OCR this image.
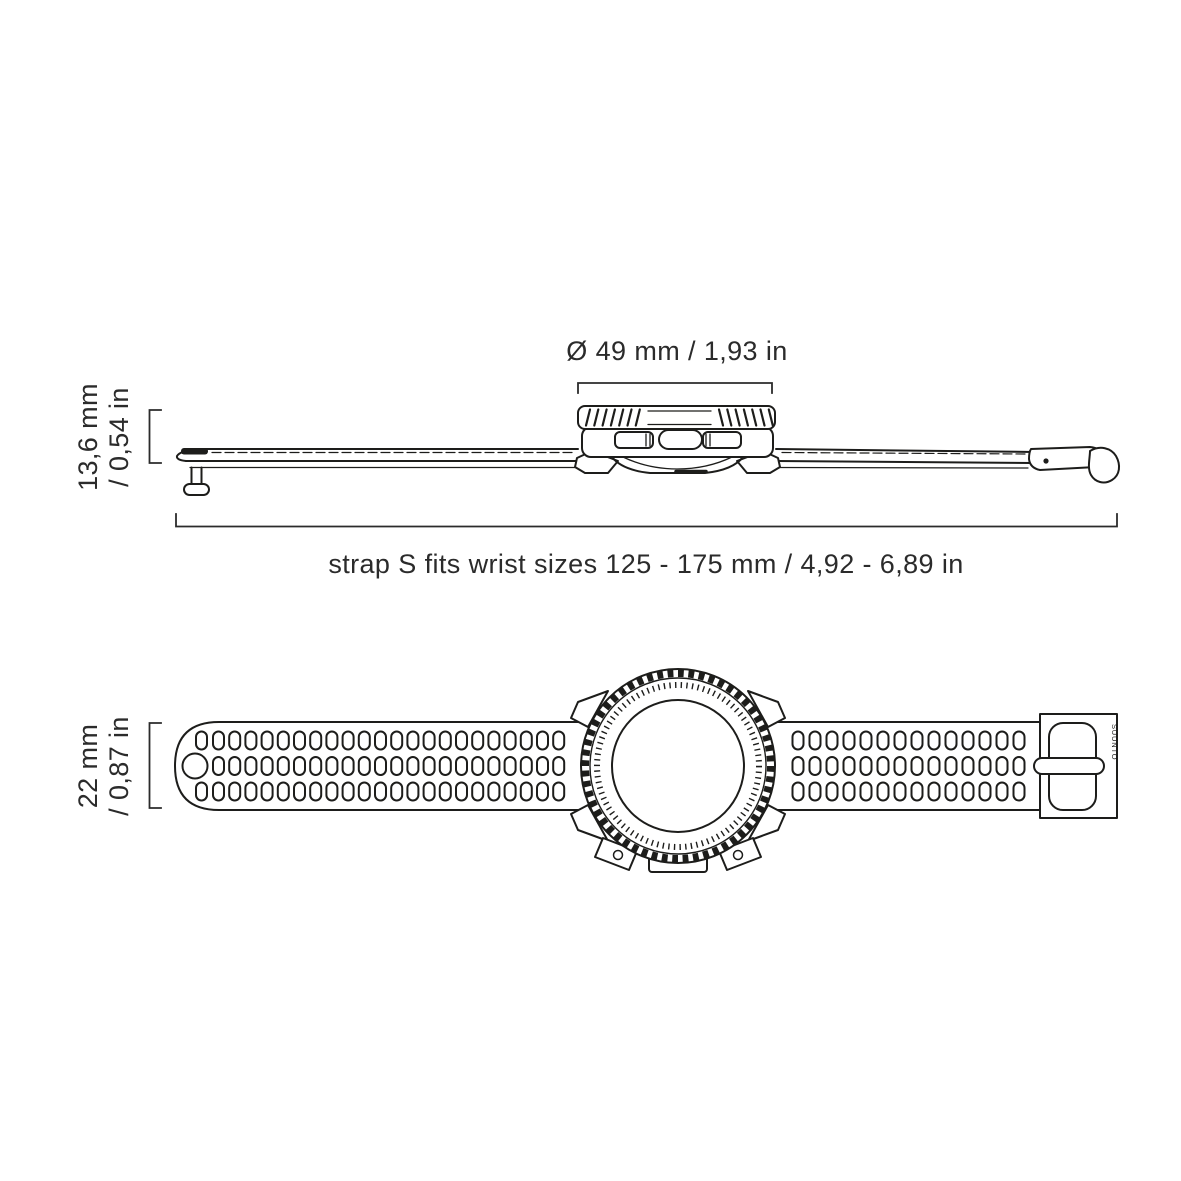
SUUNTO
Ø 49 mm / 1,93 in
13,6 mm / 0,54 in
strap S fits wrist sizes 125 - 175 mm / 4,92 - 6,89 in
22 mm / 0,87 in
